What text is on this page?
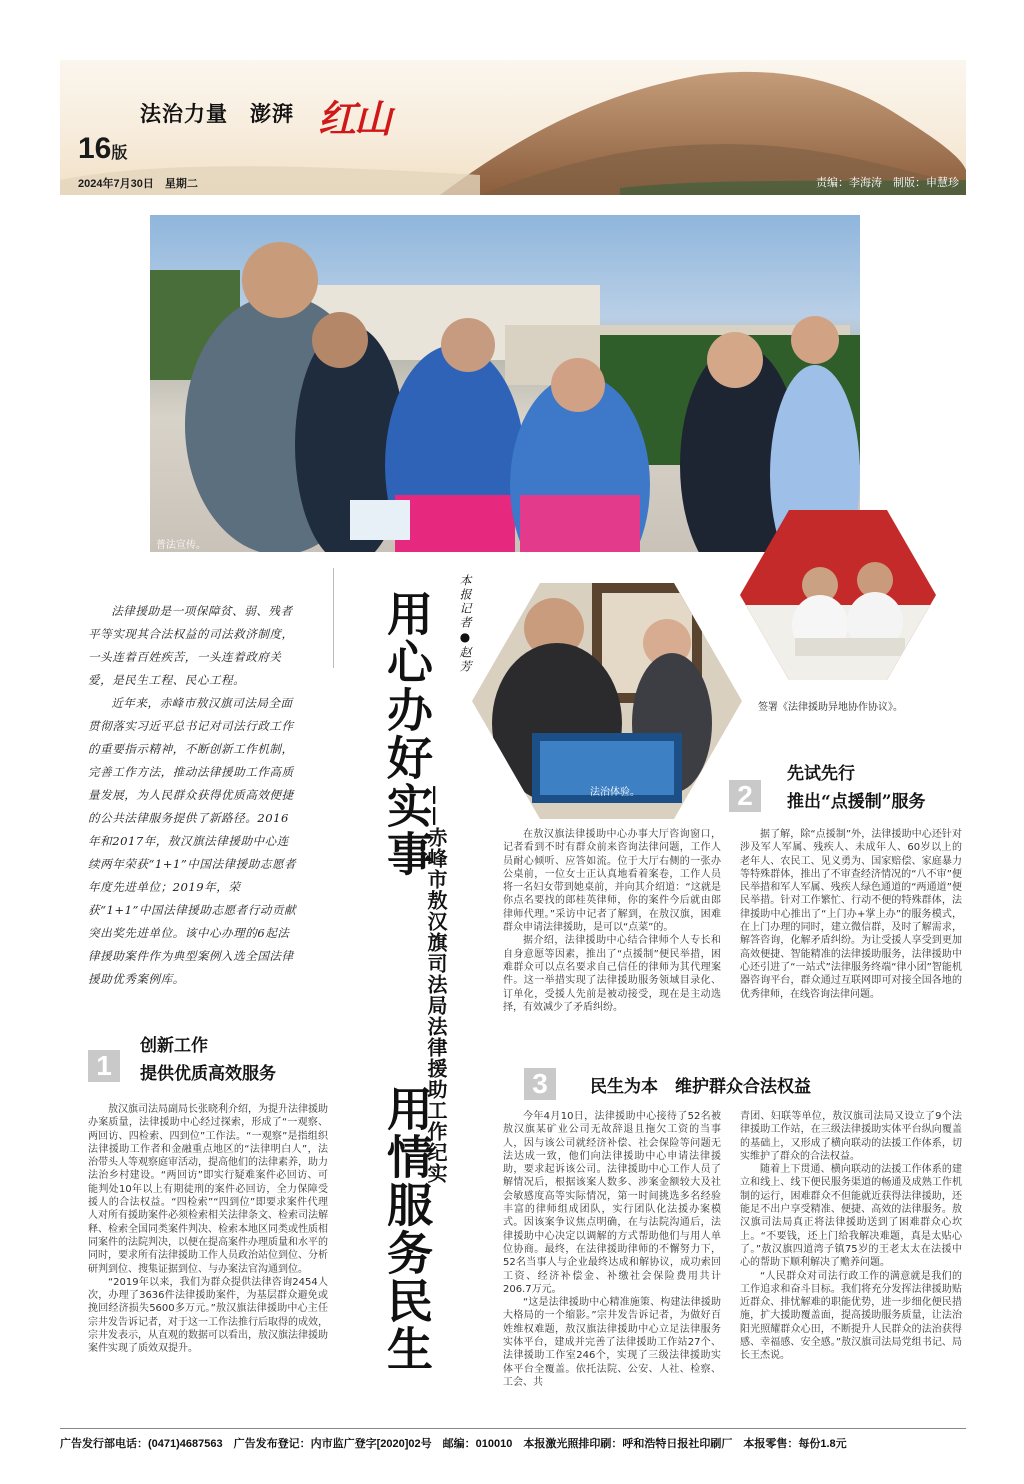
法治力量　澎湃 红山
16版
2024年7月30日　星期二	责编：李海涛　制版：申慧珍
普法宣传。
签署《法律援助异地协作协议》。
法治体验。

法律援助是一项保障贫、弱、残者平等实现其合法权益的司法救济制度，一头连着百姓疾苦，一头连着政府关爱，是民生工程、民心工程。

近年来，赤峰市敖汉旗司法局全面贯彻落实习近平总书记对司法行政工作的重要指示精神，不断创新工作机制，完善工作方法，推动法律援助工作高质量发展，为人民群众获得优质高效便捷的公共法律服务提供了新路径。2016年和2017年，敖汉旗法律援助中心连续两年荣获“1+1”中国法律援助志愿者年度先进单位；2019年，荣获“1+1”中国法律援助志愿者行动贡献突出奖先进单位。该中心办理的6起法律援助案件作为典型案例入选全国法律援助优秀案例库。

用心办好实事
用情服务民生
——赤峰市敖汉旗司法局法律援助工作纪实
本报记者●赵芳
1
创新工作
提供优质高效服务

敖汉旗司法局副局长张晓利介绍，为提升法律援助办案质量，法律援助中心经过探索，形成了“一观察、两回访、四检索、四到位”工作法。“一观察”是指组织法律援助工作者和金融重点地区的“法律明白人”，法治带头人等观察庭审活动，提高他们的法律素养，助力法治乡村建设。“两回访”即实行疑难案件必回访、可能判处10年以上有期徒刑的案件必回访，全力保障受援人的合法权益。“四检索”“四到位”即要求案件代理人对所有援助案件必须检索相关法律条文、检索司法解释、检索全国同类案件判决、检索本地区同类或性质相同案件的法院判决，以便在提高案件办理质量和水平的同时，要求所有法律援助工作人员政治站位到位、分析研判到位、搜集证据到位、与办案法官沟通到位。

“2019年以来，我们为群众提供法律咨询2454人次，办理了3636件法律援助案件，为基层群众避免或挽回经济损失5600多万元。”敖汉旗法律援助中心主任宗井发告诉记者，对于这一工作法推行后取得的成效，宗井发表示，从直观的数据可以看出，敖汉旗法律援助案件实现了质效双提升。

在敖汉旗法律援助中心办事大厅咨询窗口，记者看到不时有群众前来咨询法律问题，工作人员耐心倾听、应答如流。位于大厅右侧的一张办公桌前，一位女士正认真地看着案卷，工作人员将一名妇女带到她桌前，并向其介绍道：“这就是你点名要找的郎桂英律师，你的案件今后就由郎律师代理。”采访中记者了解到，在敖汉旗，困难群众申请法律援助，是可以“点菜”的。

据介绍，法律援助中心结合律师个人专长和自身意愿等因素，推出了“点援制”便民举措，困难群众可以点名要求自己信任的律师为其代理案件。这一举措实现了法律援助服务领域目录化、订单化，受援人先前是被动接受，现在是主动选择，有效减少了矛盾纠纷。

2
先试先行
推出“点援制”服务

据了解，除“点援制”外，法律援助中心还针对涉及军人军属、残疾人、未成年人、60岁以上的老年人、农民工、见义勇为、国家赔偿、家庭暴力等特殊群体，推出了不审查经济情况的“八不审”便民举措和军人军属、残疾人绿色通道的“两通道”便民举措。针对工作繁忙、行动不便的特殊群体，法律援助中心推出了“上门办+掌上办”的服务模式，在上门办理的同时，建立微信群，及时了解需求，解答咨询，化解矛盾纠纷。为让受援人享受到更加高效便捷、智能精准的法律援助服务，法律援助中心还引进了“一站式”法律服务终端“律小团”智能机器咨询平台，群众通过互联网即可对接全国各地的优秀律师，在线咨询法律问题。

3	民生为本　维护群众合法权益

今年4月10日，法律援助中心接待了52名被敖汉旗某矿业公司无故辞退且拖欠工资的当事人，因与该公司就经济补偿、社会保险等问题无法达成一致，他们向法律援助中心申请法律援助，要求起诉该公司。法律援助中心工作人员了解情况后，根据该案人数多、涉案金额较大及社会敏感度高等实际情况，第一时间挑选多名经验丰富的律师组成团队，实行团队化法援办案模式。因该案争议焦点明确，在与法院沟通后，法律援助中心决定以调解的方式帮助他们与用人单位协商。最终，在法律援助律师的不懈努力下，52名当事人与企业最终达成和解协议，成功索回工资、经济补偿金、补缴社会保险费用共计206.7万元。

“这是法律援助中心精准施策、构建法律援助大格局的一个缩影。”宗井发告诉记者，为做好百姓维权难题，敖汉旗法律援助中心立足法律服务实体平台，建成并完善了法律援助工作站27个、法律援助工作室246个，实现了三级法律援助实体平台全覆盖。依托法院、公安、人社、检察、工会、共

青团、妇联等单位，敖汉旗司法局又设立了9个法律援助工作站，在三级法律援助实体平台纵向覆盖的基础上，又形成了横向联动的法援工作体系，切实维护了群众的合法权益。

随着上下贯通、横向联动的法援工作体系的建立和线上、线下便民服务渠道的畅通及成熟工作机制的运行，困难群众不但能就近获得法律援助，还能足不出户享受精准、便捷、高效的法律服务。敖汉旗司法局真正将法律援助送到了困难群众心坎上。“不要钱，还上门给我解决难题，真是太贴心了。”敖汉旗四道湾子镇75岁的王老太太在法援中心的帮助下顺利解决了赡养问题。

“人民群众对司法行政工作的满意就是我们的工作追求和奋斗目标。我们将充分发挥法律援助贴近群众、排忧解难的职能优势，进一步细化便民措施，扩大援助覆盖面，提高援助服务质量，让法治阳光照耀群众心田，不断提升人民群众的法治获得感、幸福感、安全感。”敖汉旗司法局党组书记、局长王杰说。

广告发行部电话：(0471)4687563　广告发布登记：内市监广登字[2020]02号　邮编：010010　本报激光照排印刷：呼和浩特日报社印刷厂　本报零售：每份1.8元
